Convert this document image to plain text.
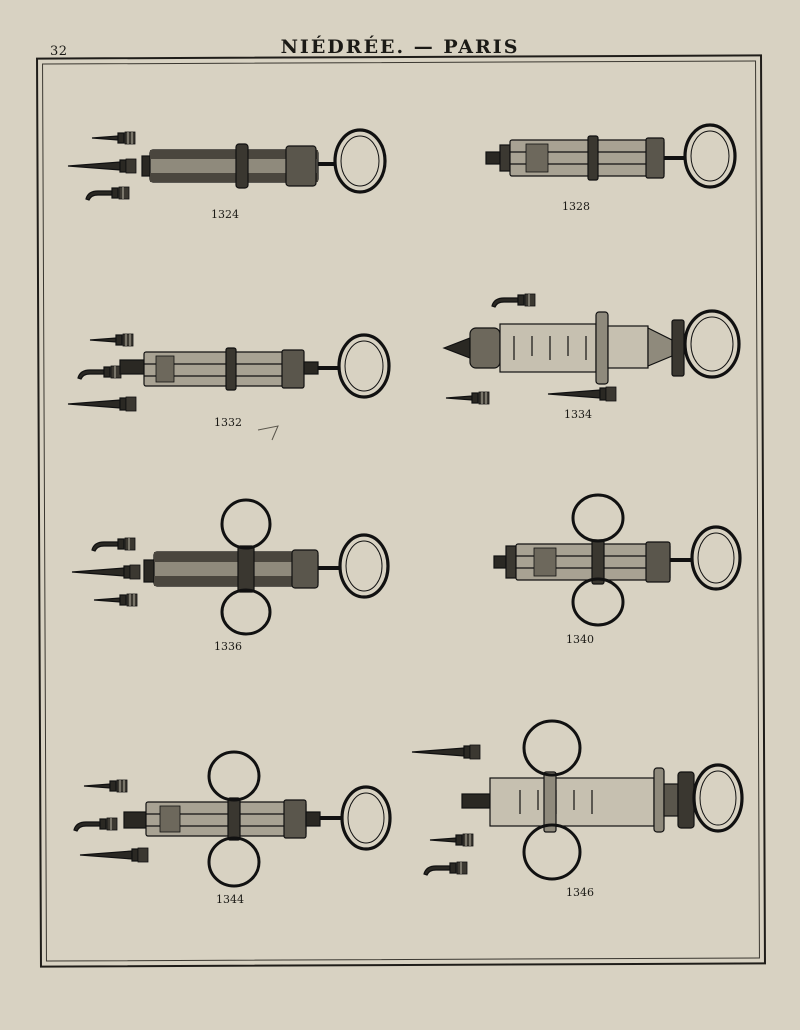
32	NIÉDRÉE. — PARIS
1324
1328
1332
1334
1336
1340
1344
1346
